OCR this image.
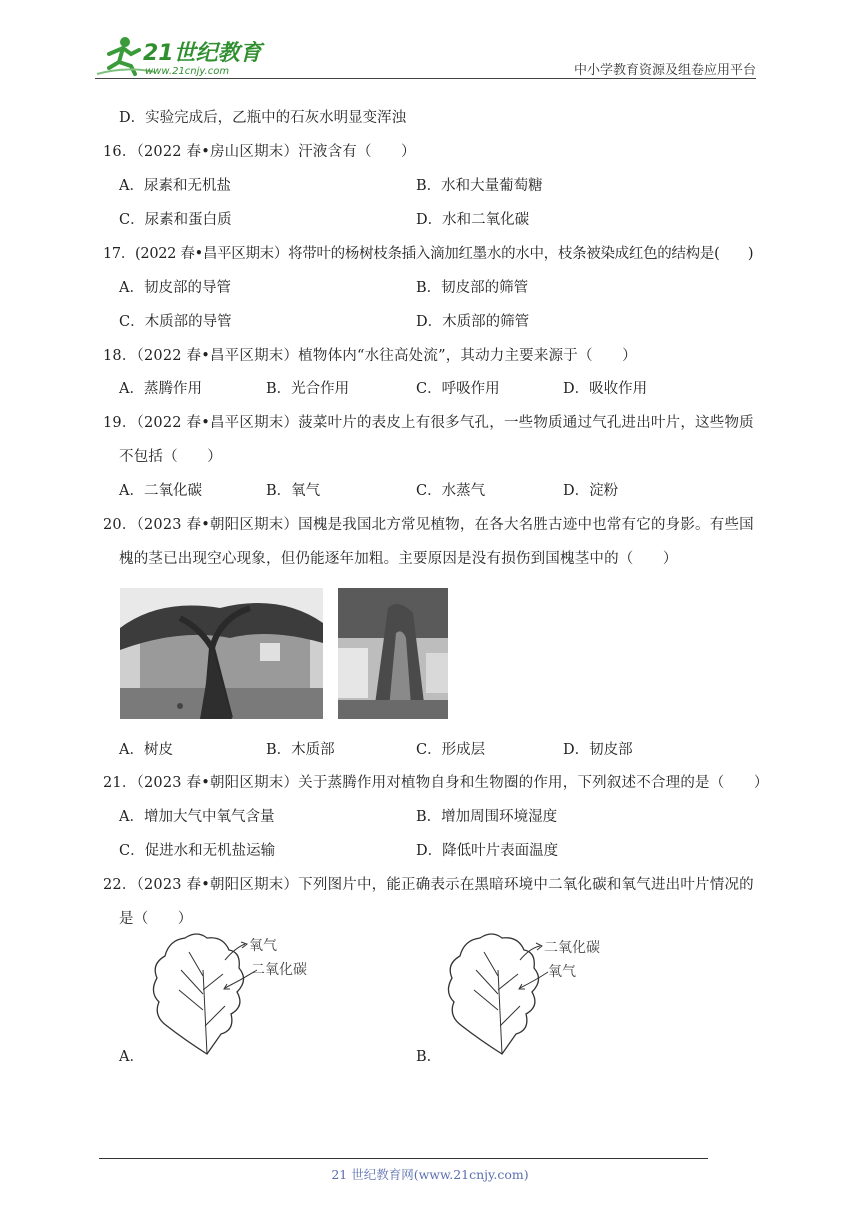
21世纪教育
www.21cnjy.com	中小学教育资源及组卷应用平台
D．实验完成后，乙瓶中的石灰水明显变浑浊
16．（2022 春•房山区期末）汗液含有（　　）
A．尿素和无机盐	B．水和大量葡萄糖
C．尿素和蛋白质	D．水和二氧化碳
17．(2022 春•昌平区期末）将带叶的杨树枝条插入滴加红墨水的水中，枝条被染成红色的结构是(　　)
A．韧皮部的导管	B．韧皮部的筛管
C．木质部的导管	D．木质部的筛管
18．（2022 春•昌平区期末）植物体内“水往高处流”，其动力主要来源于（　　）
A．蒸腾作用	B．光合作用	C．呼吸作用	D．吸收作用
19．（2022 春•昌平区期末）菠菜叶片的表皮上有很多气孔，一些物质通过气孔进出叶片，这些物质
不包括（　　）
A．二氧化碳	B．氧气	C．水蒸气	D．淀粉
20．（2023 春•朝阳区期末）国槐是我国北方常见植物，在各大名胜古迹中也常有它的身影。有些国
槐的茎已出现空心现象，但仍能逐年加粗。主要原因是没有损伤到国槐茎中的（　　）
A．树皮	B．木质部	C．形成层	D．韧皮部
21．（2023 春•朝阳区期末）关于蒸腾作用对植物自身和生物圈的作用，下列叙述不合理的是（　　）
A．增加大气中氧气含量	B．增加周围环境湿度
C．促进水和无机盐运输	D．降低叶片表面温度
22．（2023 春•朝阳区期末）下列图片中，能正确表示在黑暗环境中二氧化碳和氧气进出叶片情况的
是（　　）
氧气
二氧化碳
A．
二氧化碳
氧气
B．
21 世纪教育网(www.21cnjy.com)
